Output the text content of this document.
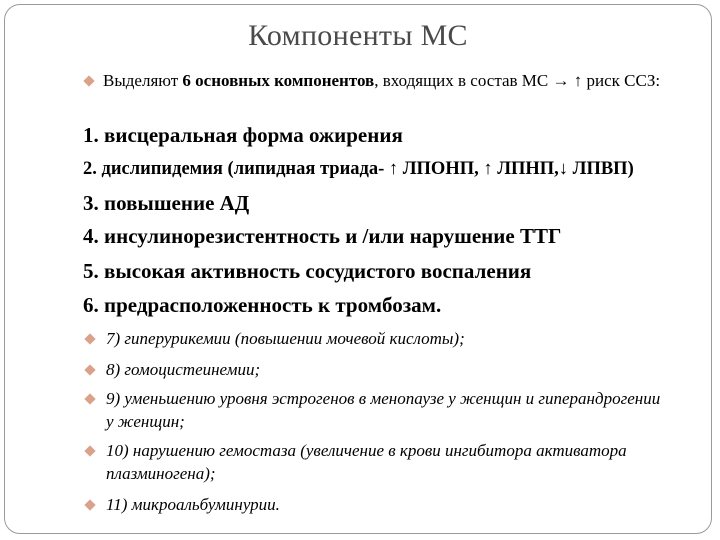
Компоненты МС
Выделяют 6 основных компонентов, входящих в состав МС → ↑ риск ССЗ:
1. висцеральная форма ожирения
2. дислипидемия (липидная триада- ↑ ЛПОНП, ↑ ЛПНП,↓ ЛПВП)
3. повышение АД
4. инсулинорезистентность и /или нарушение ТТГ
5. высокая активность сосудистого воспаления
6. предрасположенность к тромбозам.
7) гиперурикемии (повышении мочевой кислоты);
8) гомоцистеинемии;
9) уменьшению уровня эстрогенов в менопаузе у женщин и гиперандрогении у женщин;
10) нарушению гемостаза (увеличение в крови ингибитора активатора плазминогена);
11) микроальбуминурии.
